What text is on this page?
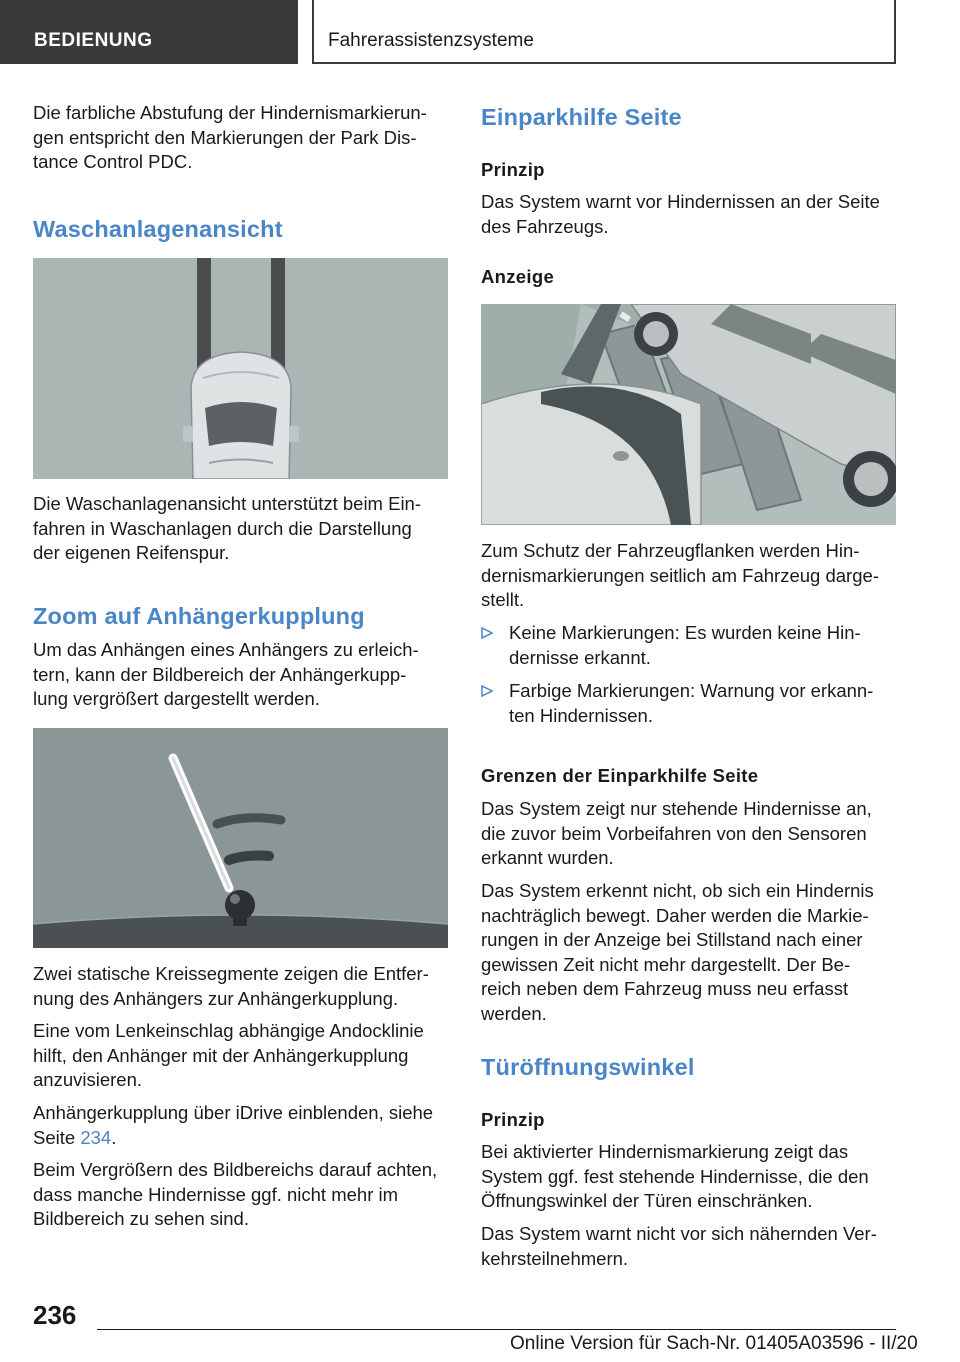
BEDIENUNG	Fahrerassistenzsysteme
Die farbliche Abstufung der Hindernismarkierun-
gen entspricht den Markierungen der Park Dis-
tance Control PDC.
Waschanlagenansicht
Die Waschanlagenansicht unterstützt beim Ein-
fahren in Waschanlagen durch die Darstellung
der eigenen Reifenspur.
Zoom auf Anhängerkupplung
Um das Anhängen eines Anhängers zu erleich-
tern, kann der Bildbereich der Anhängerkupp-
lung vergrößert dargestellt werden.
Zwei statische Kreissegmente zeigen die Entfer-
nung des Anhängers zur Anhängerkupplung.
Eine vom Lenkeinschlag abhängige Andocklinie
hilft, den Anhänger mit der Anhängerkupplung
anzuvisieren.
Anhängerkupplung über iDrive einblenden, siehe
Seite 234.
Beim Vergrößern des Bildbereichs darauf achten,
dass manche Hindernisse ggf. nicht mehr im
Bildbereich zu sehen sind.
Einparkhilfe Seite
Prinzip
Das System warnt vor Hindernissen an der Seite
des Fahrzeugs.
Anzeige
Zum Schutz der Fahrzeugflanken werden Hin-
dernismarkierungen seitlich am Fahrzeug darge-
stellt.
Keine Markierungen: Es wurden keine Hin-
dernisse erkannt.
Farbige Markierungen: Warnung vor erkann-
ten Hindernissen.
Grenzen der Einparkhilfe Seite
Das System zeigt nur stehende Hindernisse an,
die zuvor beim Vorbeifahren von den Sensoren
erkannt wurden.
Das System erkennt nicht, ob sich ein Hindernis
nachträglich bewegt. Daher werden die Markie-
rungen in der Anzeige bei Stillstand nach einer
gewissen Zeit nicht mehr dargestellt. Der Be-
reich neben dem Fahrzeug muss neu erfasst
werden.
Türöffnungswinkel
Prinzip
Bei aktivierter Hindernismarkierung zeigt das
System ggf. fest stehende Hindernisse, die den
Öffnungswinkel der Türen einschränken.
Das System warnt nicht vor sich nähernden Ver-
kehrsteilnehmern.
236
Online Version für Sach-Nr. 01405A03596 - II/20
